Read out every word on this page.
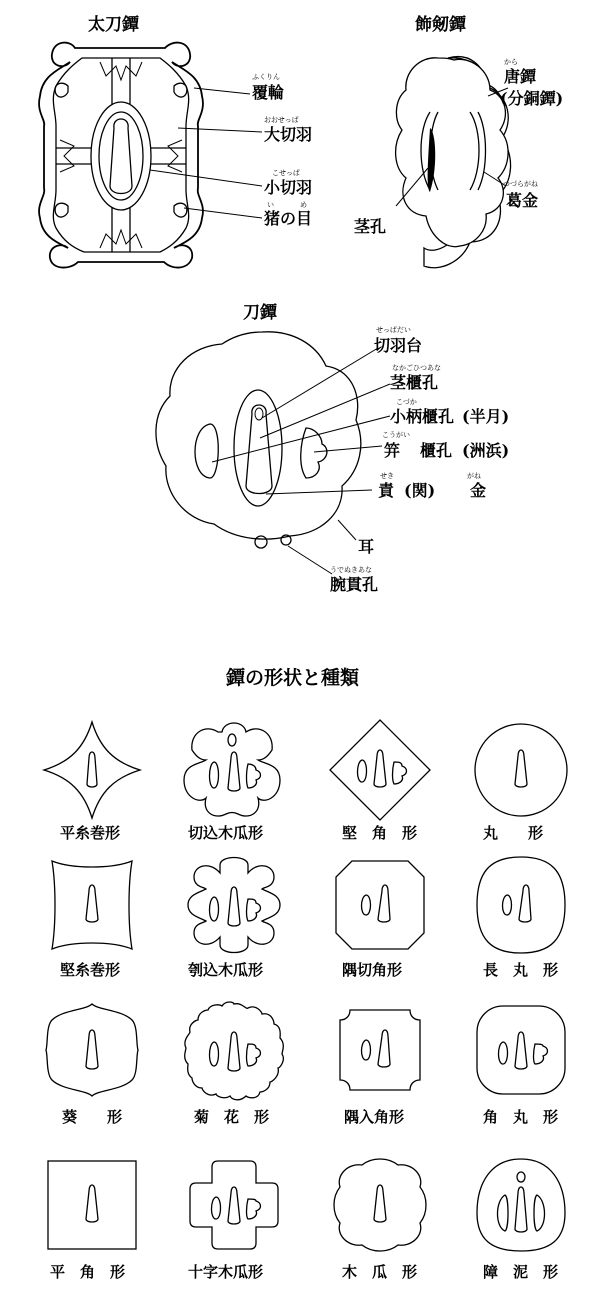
太刀鐔
ふくりん
覆輪
おおせっぱ
大切羽
こせっぱ
小切羽
い	め
猪の目
飾剱鐔
から
唐鐔
(分銅鐔)
つづらがね
葛金
茎孔
刀鐔
せっぱだい
切羽台
なかごひつあな
茎櫃孔
こづか
小柄櫃孔 (半月)
こうがい
笄 櫃孔 (洲浜)
せき
責 (関)
がね
金
耳
うでぬきあな
腕貫孔
鐔の形状と種類
平糸巻形	切込木瓜形	堅　角　形	丸　　形
堅糸巻形	刳込木瓜形	隅切角形	長　丸　形
葵　　形	菊　花　形	隅入角形	角　丸　形
平　角　形	十字木瓜形	木　瓜　形	障　泥　形
